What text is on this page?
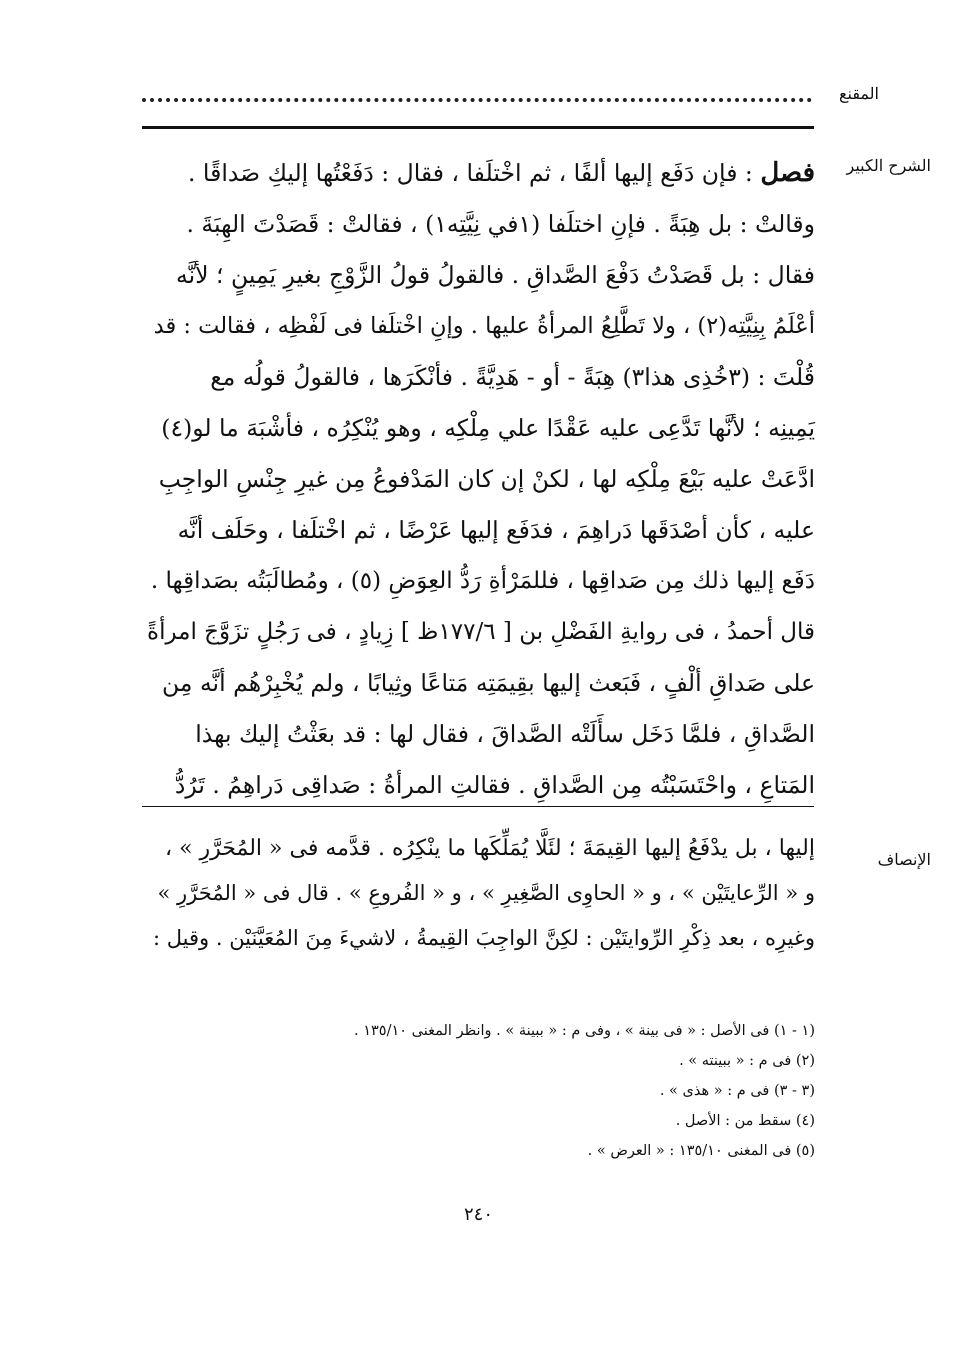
المقنع
الشرح الكبير
فصل : فإن دَفَع إليها ألفًا ، ثم اخْتلَفا ، فقال : دَفَعْتُها إليكِ صَداقًا .
وقالتْ : بل هِبَةً . فإنِ اختلَفا (١في نِيَّتِه١) ، فقالتْ : قَصَدْتَ الهِبَةَ .
فقال : بل قَصَدْتُ دَفْعَ الصَّداقِ . فالقولُ قولُ الزَّوْجِ بغيرِ يَمِينٍ ؛ لأنَّه
أعْلَمُ بِنِيَّتِه(٢) ، ولا تَطَّلِعُ المرأةُ عليها . وإنِ اخْتلَفا فى لَفْظِه ، فقالت : قد
قُلْتَ : (٣خُذِى هذا٣) هِبَةً - أو - هَدِيَّةً . فأنْكَرَها ، فالقولُ قولُه مع
يَمِينِه ؛ لأنَّها تَدَّعِى عليه عَقْدًا علي مِلْكِه ، وهو يُنْكِرُه ، فأشْبَهَ ما لو(٤)
ادَّعَتْ عليه بَيْعَ مِلْكِه لها ، لكنْ إن كان المَدْفوعُ مِن غيرِ جِنْسِ الواجِبِ
عليه ، كأن أصْدَقَها دَراهِمَ ، فدَفَع إليها عَرْضًا ، ثم اخْتلَفا ، وحَلَف أنَّه
دَفَع إليها ذلك مِن صَداقِها ، فللمَرْأةِ رَدُّ العِوَضِ (٥) ، ومُطالَبَتُه بصَداقِها .
قال أحمدُ ، فى روايةِ الفَضْلِ بن [ ١٧٧/٦ظ ] زِيادٍ ، فى رَجُلٍ تزَوَّجَ امرأةً
على صَداقِ ألْفٍ ، فَبَعث إليها بقِيمَتِه مَتاعًا وثِيابًا ، ولم يُخْبِرْهُم أنَّه مِن
الصَّداقِ ، فلمَّا دَخَل سأَلَتْه الصَّداقَ ، فقال لها : قد بعَثْتُ إليك بهذا
المَتاعِ ، واحْتَسَبْتُه مِن الصَّداقِ . فقالتِ المرأةُ : صَداقِى دَراهِمُ . تَرُدُّ
الإنصاف
إليها ، بل يدْفَعُ إليها القِيمَةَ ؛ لئَلَّا يُمَلِّكَها ما ينْكِرُه . قدَّمه فى « المُحَرَّرِ » ،
و « الرِّعايتَيْن » ، و « الحاوِى الصَّغِيرِ » ، و « الفُروعِ » . قال فى « المُحَرَّرِ »
وغيرِه ، بعد ذِكْرِ الرِّوايتَيْن : لكِنَّ الواجِبَ القِيمةُ ، لاشيءَ مِنَ المُعَيَّنَيْن . وقيل :
(١ - ١) فى الأصل : « فى بينة » ، وفى م : « ببينة » . وانظر المغنى ١٣٥/١٠ .
(٢) فى م : « ببينته » .
(٣ - ٣) فى م : « هذى » .
(٤) سقط من : الأصل .
(٥) فى المغنى ١٣٥/١٠ : « العرض » .
٢٤٠
